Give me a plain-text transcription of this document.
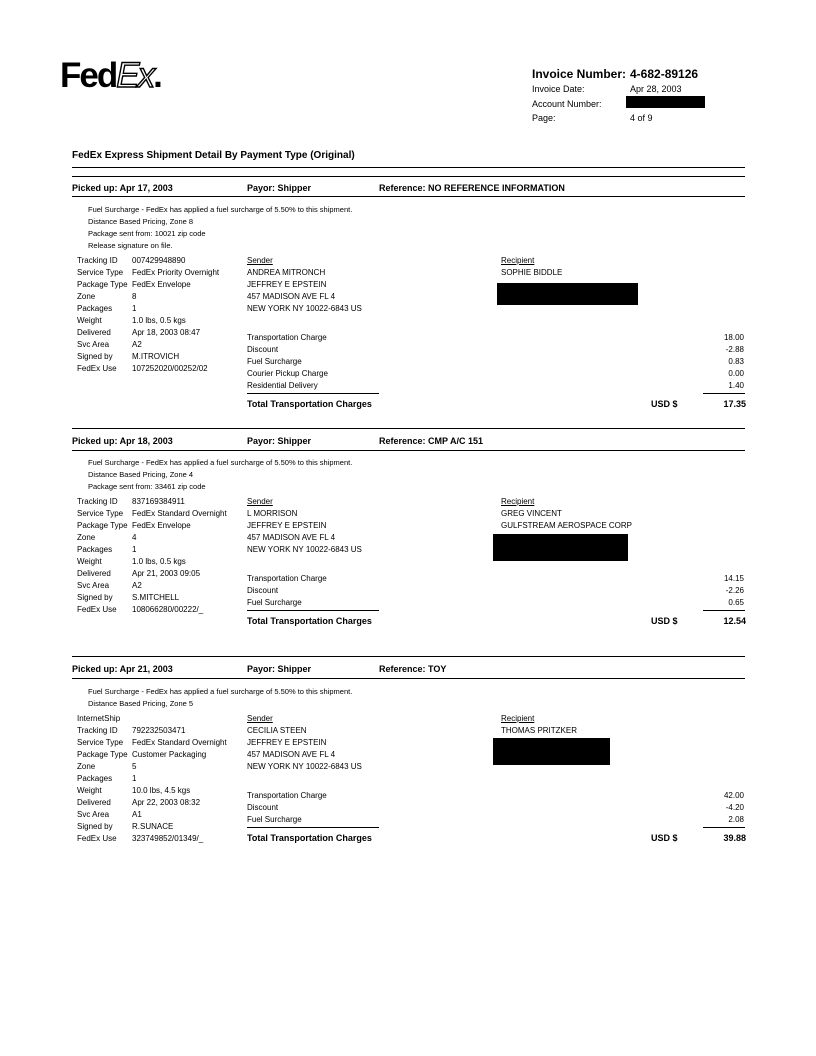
FedEx.	Invoice Number: 4-682-89126
Invoice Date:	Apr 28, 2003
Account Number:
Page:	4 of 9
FedEx Express Shipment Detail By Payment Type (Original)
Picked up: Apr 17, 2003	Payor: Shipper	Reference: NO REFERENCE INFORMATION
Fuel Surcharge - FedEx has applied a fuel surcharge of 5.50% to this shipment.
Distance Based Pricing, Zone 8
Package sent from: 10021 zip code
Release signature on file.
Tracking ID 007429948890
Service Type FedEx Priority Overnight
Package Type FedEx Envelope
Zone	8
Packages 1
Weight	1.0 lbs, 0.5 kgs
Delivered	Apr 18, 2003 08:47
Svc Area	A2
Signed by M.ITROVICH
FedEx Use 107252020/00252/02
Sender
ANDREA MITRONCH
JEFFREY E EPSTEIN
457 MADISON AVE FL 4
NEW YORK NY 10022-6843 US
Recipient
SOPHIE BIDDLE
Transportation Charge	18.00
Discount	-2.88
Fuel Surcharge	0.83
Courier Pickup Charge	0.00
Residential Delivery	1.40
Total Transportation Charges	USD $	17.35
Picked up: Apr 18, 2003	Payor: Shipper	Reference: CMP A/C 151
Fuel Surcharge - FedEx has applied a fuel surcharge of 5.50% to this shipment.
Distance Based Pricing, Zone 4
Package sent from: 33461 zip code
Tracking ID 837169384911
Service Type FedEx Standard Overnight
Package Type FedEx Envelope
Zone	4
Packages 1
Weight	1.0 lbs, 0.5 kgs
Delivered	Apr 21, 2003 09:05
Svc Area	A2
Signed by S.MITCHELL
FedEx Use 108066280/00222/_
Sender
L MORRISON
JEFFREY E EPSTEIN
457 MADISON AVE FL 4
NEW YORK NY 10022-6843 US
Recipient
GREG VINCENT
GULFSTREAM AEROSPACE CORP
Transportation Charge	14.15
Discount	-2.26
Fuel Surcharge	0.65
Total Transportation Charges	USD $	12.54
Picked up: Apr 21, 2003	Payor: Shipper	Reference: TOY
Fuel Surcharge - FedEx has applied a fuel surcharge of 5.50% to this shipment.
Distance Based Pricing, Zone 5
InternetShip
Tracking ID 792232503471
Service Type FedEx Standard Overnight
Package Type Customer Packaging
Zone	5
Packages 1
Weight	10.0 lbs, 4.5 kgs
Delivered	Apr 22, 2003 08:32
Svc Area	A1
Signed by R.SUNACE
FedEx Use 323749852/01349/_
Sender
CECILIA STEEN
JEFFREY E EPSTEIN
457 MADISON AVE FL 4
NEW YORK NY 10022-6843 US
Recipient
THOMAS PRITZKER
Transportation Charge	42.00
Discount	-4.20
Fuel Surcharge	2.08
Total Transportation Charges	USD $	39.88
